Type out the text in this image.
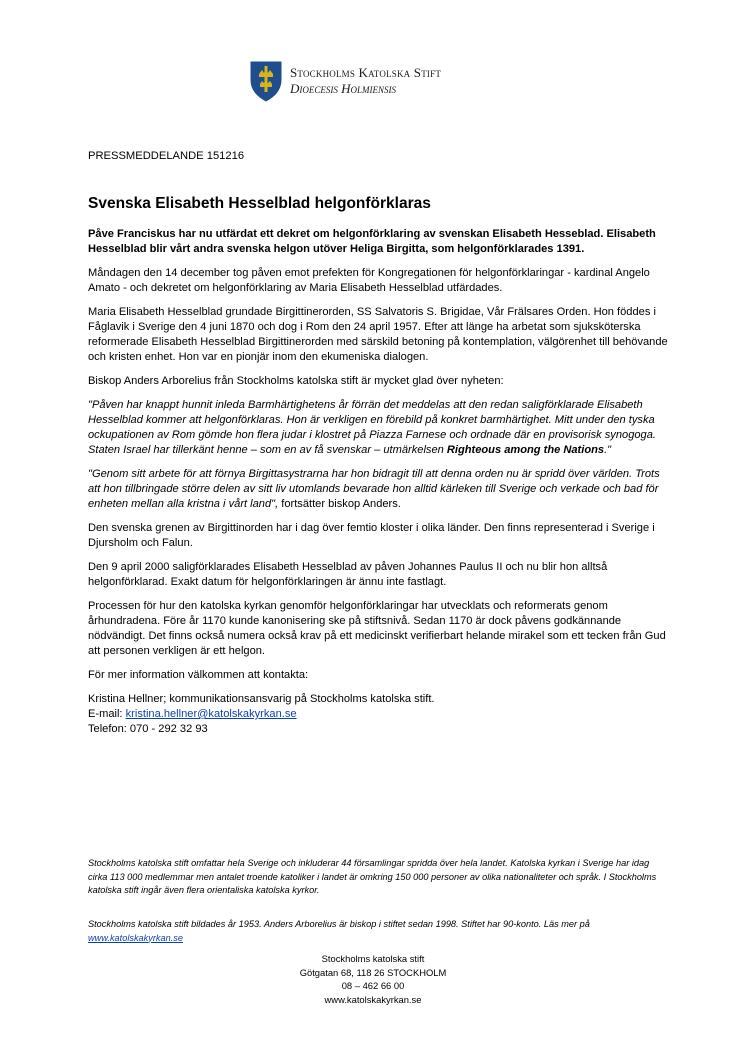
Stockholms Katolska Stift
Dioecesis Holmiensis
PRESSMEDDELANDE 151216
Svenska Elisabeth Hesselblad helgonförklaras

Påve Franciskus har nu utfärdat ett dekret om helgonförklaring av svenskan Elisabeth Hesseblad. Elisabeth Hesselblad blir vårt andra svenska helgon utöver Heliga Birgitta, som helgonförklarades 1391.

Måndagen den 14 december tog påven emot prefekten för Kongregationen för helgonförklaringar - kardinal Angelo Amato - och dekretet om helgonförklaring av Maria Elisabeth Hesselblad utfärdades.

Maria Elisabeth Hesselblad grundade Birgittinerorden, SS Salvatoris S. Brigidae, Vår Frälsares Orden. Hon föddes i Fåglavik i Sverige den 4 juni 1870 och dog i Rom den 24 april 1957. Efter att länge ha arbetat som sjuksköterska reformerade Elisabeth Hesselblad Birgittinerorden med särskild betoning på kontemplation, välgörenhet till behövande och kristen enhet. Hon var en pionjär inom den ekumeniska dialogen.

Biskop Anders Arborelius från Stockholms katolska stift är mycket glad över nyheten:

"Påven har knappt hunnit inleda Barmhärtighetens år förrän det meddelas att den redan saligförklarade Elisabeth Hesselblad kommer att helgonförklaras. Hon är verkligen en förebild på konkret barmhärtighet. Mitt under den tyska ockupationen av Rom gömde hon flera judar i klostret på Piazza Farnese och ordnade där en provisorisk synogoga. Staten Israel har tillerkänt henne – som en av få svenskar – utmärkelsen Righteous among the Nations."

"Genom sitt arbete för att förnya Birgittasystrarna har hon bidragit till att denna orden nu är spridd över världen. Trots att hon tillbringade större delen av sitt liv utomlands bevarade hon alltid kärleken till Sverige och verkade och bad för enheten mellan alla kristna i vårt land", fortsätter biskop Anders.

Den svenska grenen av Birgittinorden har i dag över femtio kloster i olika länder. Den finns representerad i Sverige i Djursholm och Falun.

Den 9 april 2000 saligförklarades Elisabeth Hesselblad av påven Johannes Paulus II och nu blir hon alltså helgonförklarad. Exakt datum för helgonförklaringen är ännu inte fastlagt.

Processen för hur den katolska kyrkan genomför helgonförklaringar har utvecklats och reformerats genom århundradena. Före år 1170 kunde kanonisering ske på stiftsnivå. Sedan 1170 är dock påvens godkännande nödvändigt. Det finns också numera också krav på ett medicinskt verifierbart helande mirakel som ett tecken från Gud att personen verkligen är ett helgon.

För mer information välkommen att kontakta:

Kristina Hellner; kommunikationsansvarig på Stockholms katolska stift.
E-mail: kristina.hellner@katolskakyrkan.se
Telefon: 070 - 292 32 93
Stockholms katolska stift omfattar hela Sverige och inkluderar 44 församlingar spridda över hela landet. Katolska kyrkan i Sverige har idag cirka 113 000 medlemmar men antalet troende katoliker i landet är omkring 150 000 personer av olika nationaliteter och språk. I Stockholms katolska stift ingår även flera orientaliska katolska kyrkor.
Stockholms katolska stift bildades år 1953. Anders Arborelius är biskop i stiftet sedan 1998. Stiftet har 90-konto. Läs mer på www.katolskakyrkan.se
Stockholms katolska stift
Götgatan 68, 118 26 STOCKHOLM
08 – 462 66 00
www.katolskakyrkan.se
